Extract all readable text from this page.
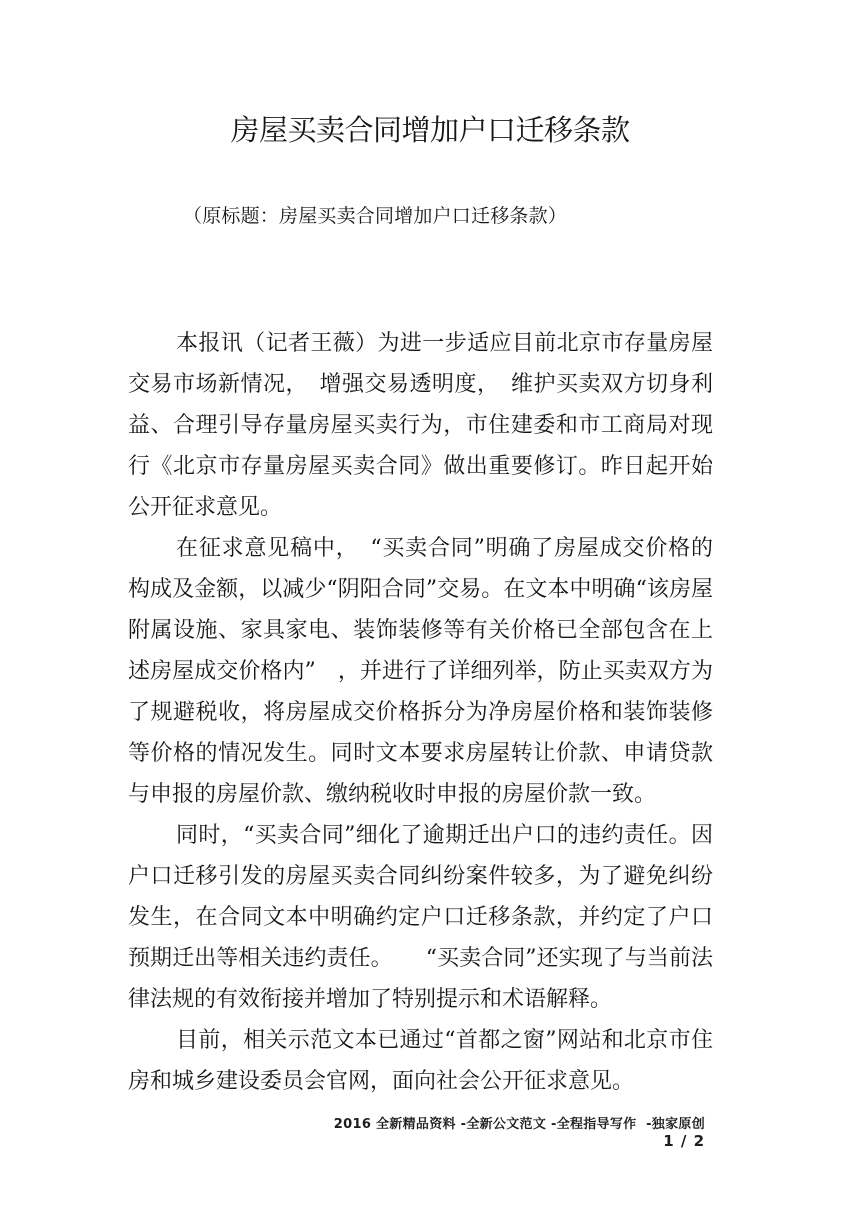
房屋买卖合同增加户口迁移条款

（原标题：房屋买卖合同增加户口迁移条款）

本报讯（记者王薇）为进一步适应目前北京市存量房屋交易市场新情况，　增强交易透明度，　维护买卖双方切身利益、合理引导存量房屋买卖行为，市住建委和市工商局对现行《北京市存量房屋买卖合同》做出重要修订。昨日起开始公开征求意见。

在征求意见稿中，　“买卖合同”明确了房屋成交价格的构成及金额，以减少“阴阳合同”交易。在文本中明确“该房屋附属设施、家具家电、装饰装修等有关价格已全部包含在上述房屋成交价格内”　，并进行了详细列举，防止买卖双方为了规避税收，将房屋成交价格拆分为净房屋价格和装饰装修等价格的情况发生。同时文本要求房屋转让价款、申请贷款与申报的房屋价款、缴纳税收时申报的房屋价款一致。

同时，“买卖合同”细化了逾期迁出户口的违约责任。因户口迁移引发的房屋买卖合同纠纷案件较多，为了避免纠纷发生，在合同文本中明确约定户口迁移条款，并约定了户口预期迁出等相关违约责任。　　“买卖合同”还实现了与当前法律法规的有效衔接并增加了特别提示和术语解释。

目前，相关示范文本已通过“首都之窗”网站和北京市住房和城乡建设委员会官网，面向社会公开征求意见。

2016 全新精品资料 -全新公文范文 -全程指导写作  -独家原创
1 / 2
